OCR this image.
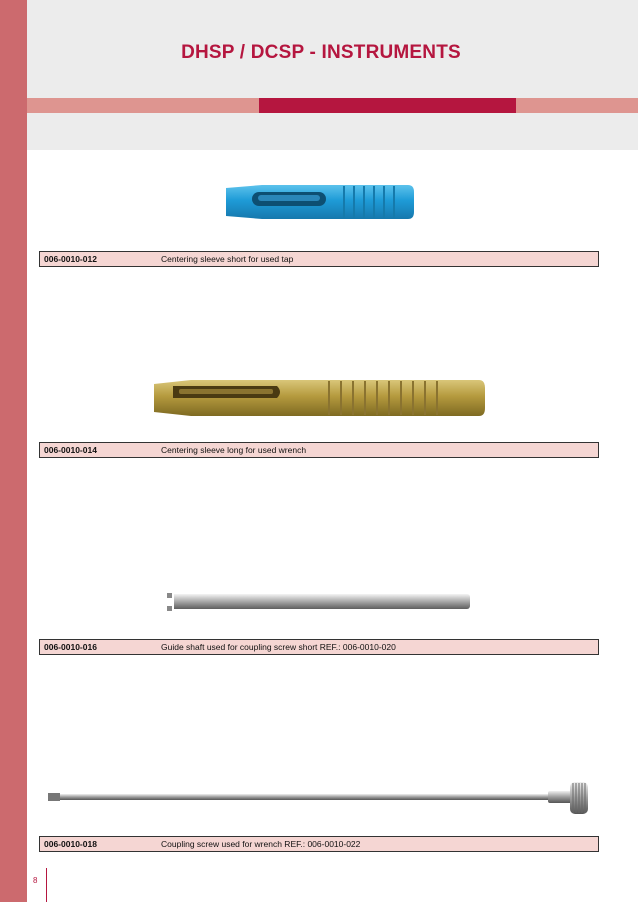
DHSP / DCSP - INSTRUMENTS
006-0010-012	Centering sleeve short for used tap
006-0010-014	Centering sleeve long for used wrench
006-0010-016	Guide shaft used for coupling screw short REF.: 006-0010-020
006-0010-018	Coupling screw used for wrench REF.: 006-0010-022
8
